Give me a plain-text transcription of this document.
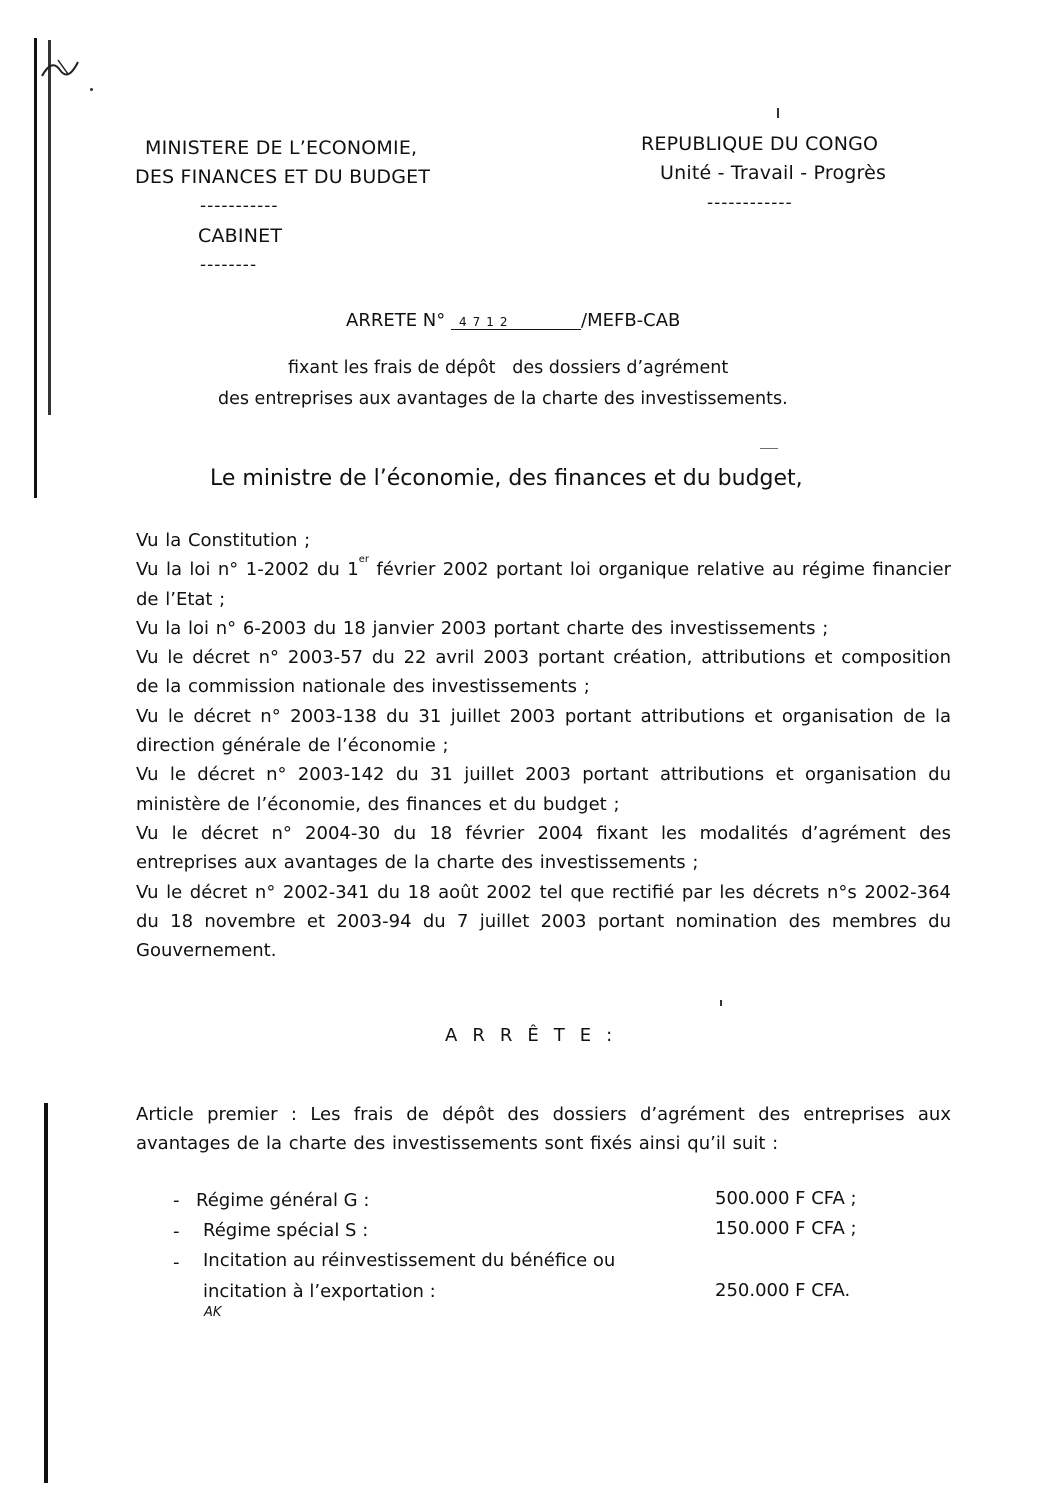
MINISTERE DE L’ECONOMIE,
DES FINANCES ET DU BUDGET
-----------
CABINET
--------
REPUBLIQUE DU CONGO
Unité - Travail - Progrès
------------
ARRETE N° 4712	/MEFB-CAB
fixant les frais de dépôt   des dossiers d’agrément
des entreprises aux avantages de la charte des investissements.
Le ministre de l’économie, des finances et du budget,

Vu la Constitution ;

Vu la loi n° 1-2002 du 1er février 2002 portant loi organique relative au régime financier de l’Etat ;

Vu la loi n° 6-2003 du 18 janvier 2003 portant charte des investissements ;

Vu le décret n° 2003-57 du 22 avril 2003 portant création, attributions et composition de la commission nationale des investissements ;

Vu le décret n° 2003-138 du 31 juillet 2003 portant attributions et organisation de la direction générale de l’économie ;

Vu le décret n° 2003-142 du 31 juillet 2003 portant attributions et organisation du ministère de l’économie, des finances et du budget ;

Vu le décret n° 2004-30 du 18 février 2004 fixant les modalités d’agrément des entreprises aux avantages de la charte des investissements ;

Vu le décret n° 2002-341 du 18 août 2002 tel que rectifié par les décrets n°s 2002-364 du 18 novembre et 2003-94 du 7 juillet 2003 portant nomination des membres du Gouvernement.

ARRÊTE:

Article premier : Les frais de dépôt des dossiers d’agrément des entreprises aux avantages de la charte des investissements sont fixés ainsi qu’il suit :

- Régime général G :	500.000 F CFA ;
- Régime spécial S :	150.000 F CFA ;
- Incitation au réinvestissement du bénéfice ou
incitation à l’exportation :	250.000 F CFA.
AK
